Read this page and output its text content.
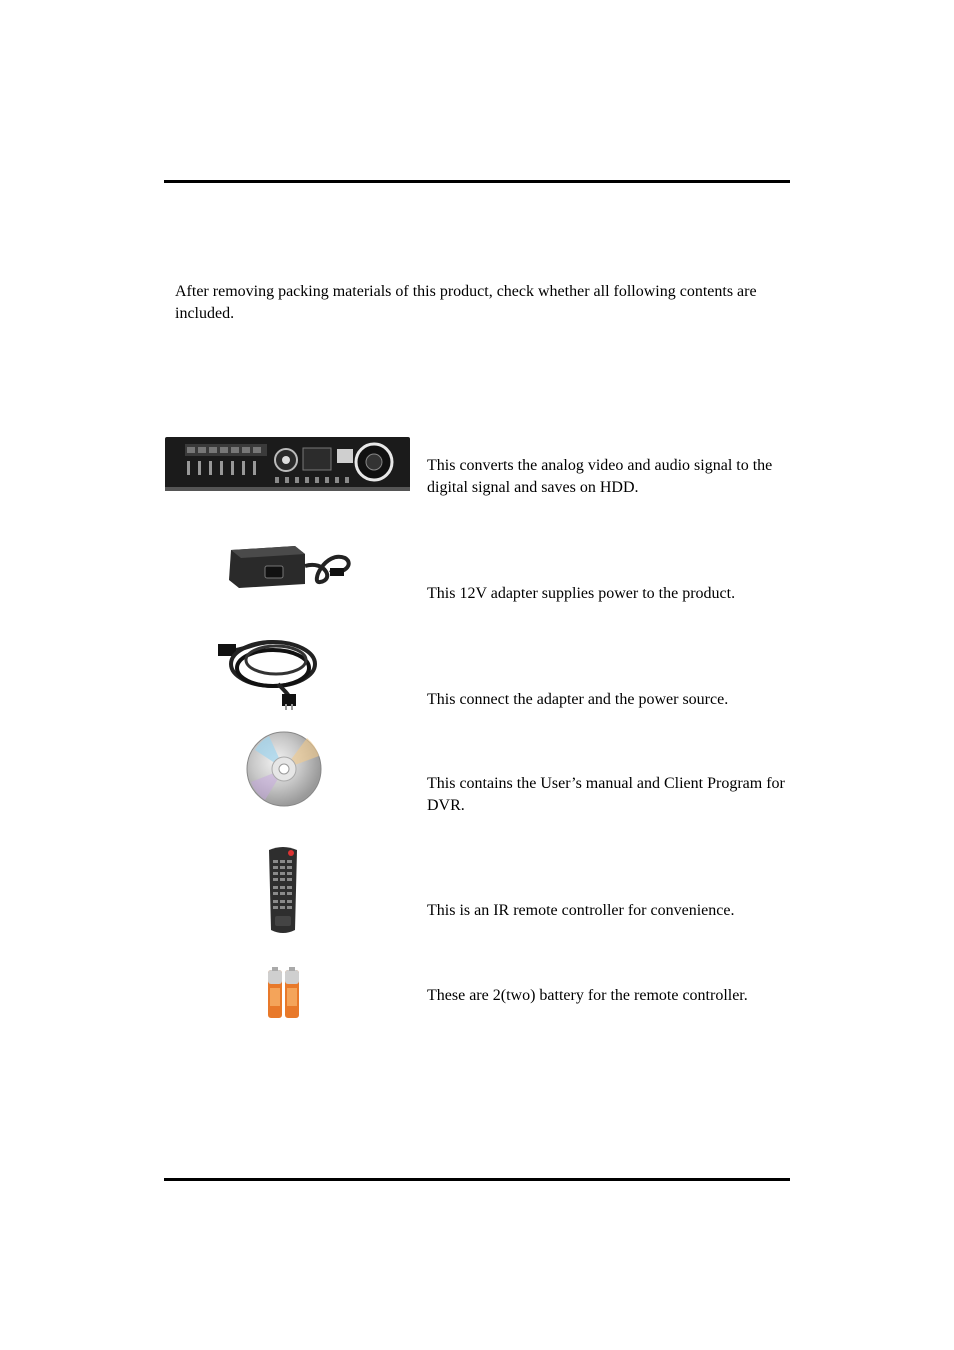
After removing packing materials of this product, check whether all following contents are included.
This converts the analog video and audio signal to the digital signal and saves on HDD.
This 12V adapter supplies power to the product.
This connect the adapter and the power source.
This contains the User’s manual and Client Program for DVR.
This is an IR remote controller for convenience.
These are 2(two) battery for the remote controller.
